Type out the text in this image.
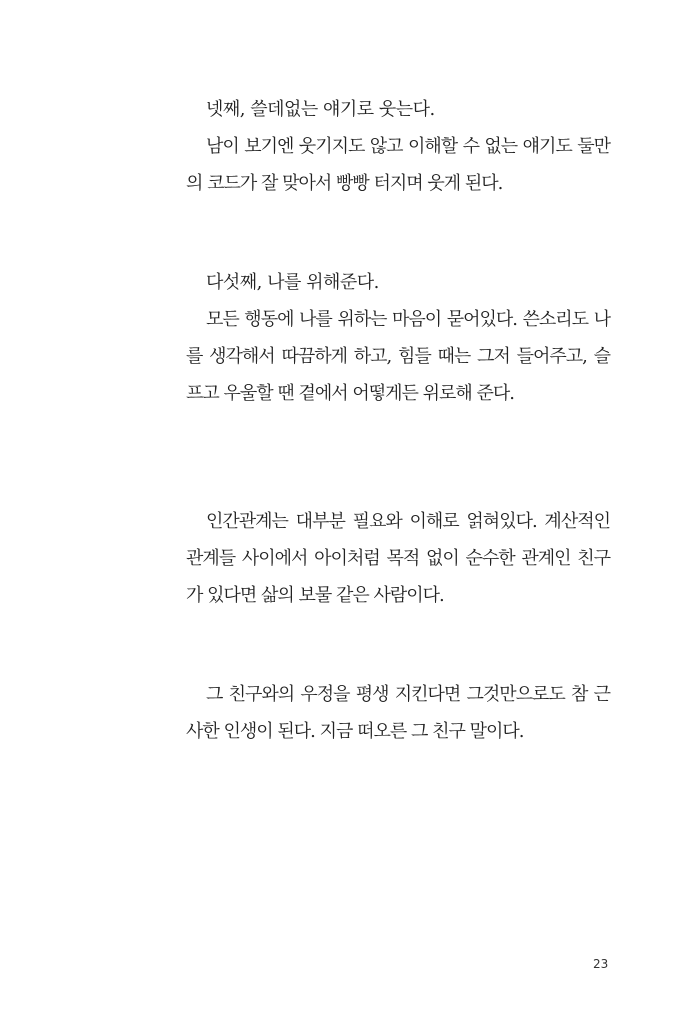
넷째, 쓸데없는 얘기로 웃는다.

남이 보기엔 웃기지도 않고 이해할 수 없는 얘기도 둘만의 코드가 잘 맞아서 빵빵 터지며 웃게 된다.

다섯째, 나를 위해준다.

모든 행동에 나를 위하는 마음이 묻어있다. 쓴소리도 나를 생각해서 따끔하게 하고, 힘들 때는 그저 들어주고, 슬프고 우울할 땐 곁에서 어떻게든 위로해 준다.

인간관계는 대부분 필요와 이해로 얽혀있다. 계산적인 관계들 사이에서 아이처럼 목적 없이 순수한 관계인 친구가 있다면 삶의 보물 같은 사람이다.

그 친구와의 우정을 평생 지킨다면 그것만으로도 참 근사한 인생이 된다. 지금 떠오른 그 친구 말이다.

23
